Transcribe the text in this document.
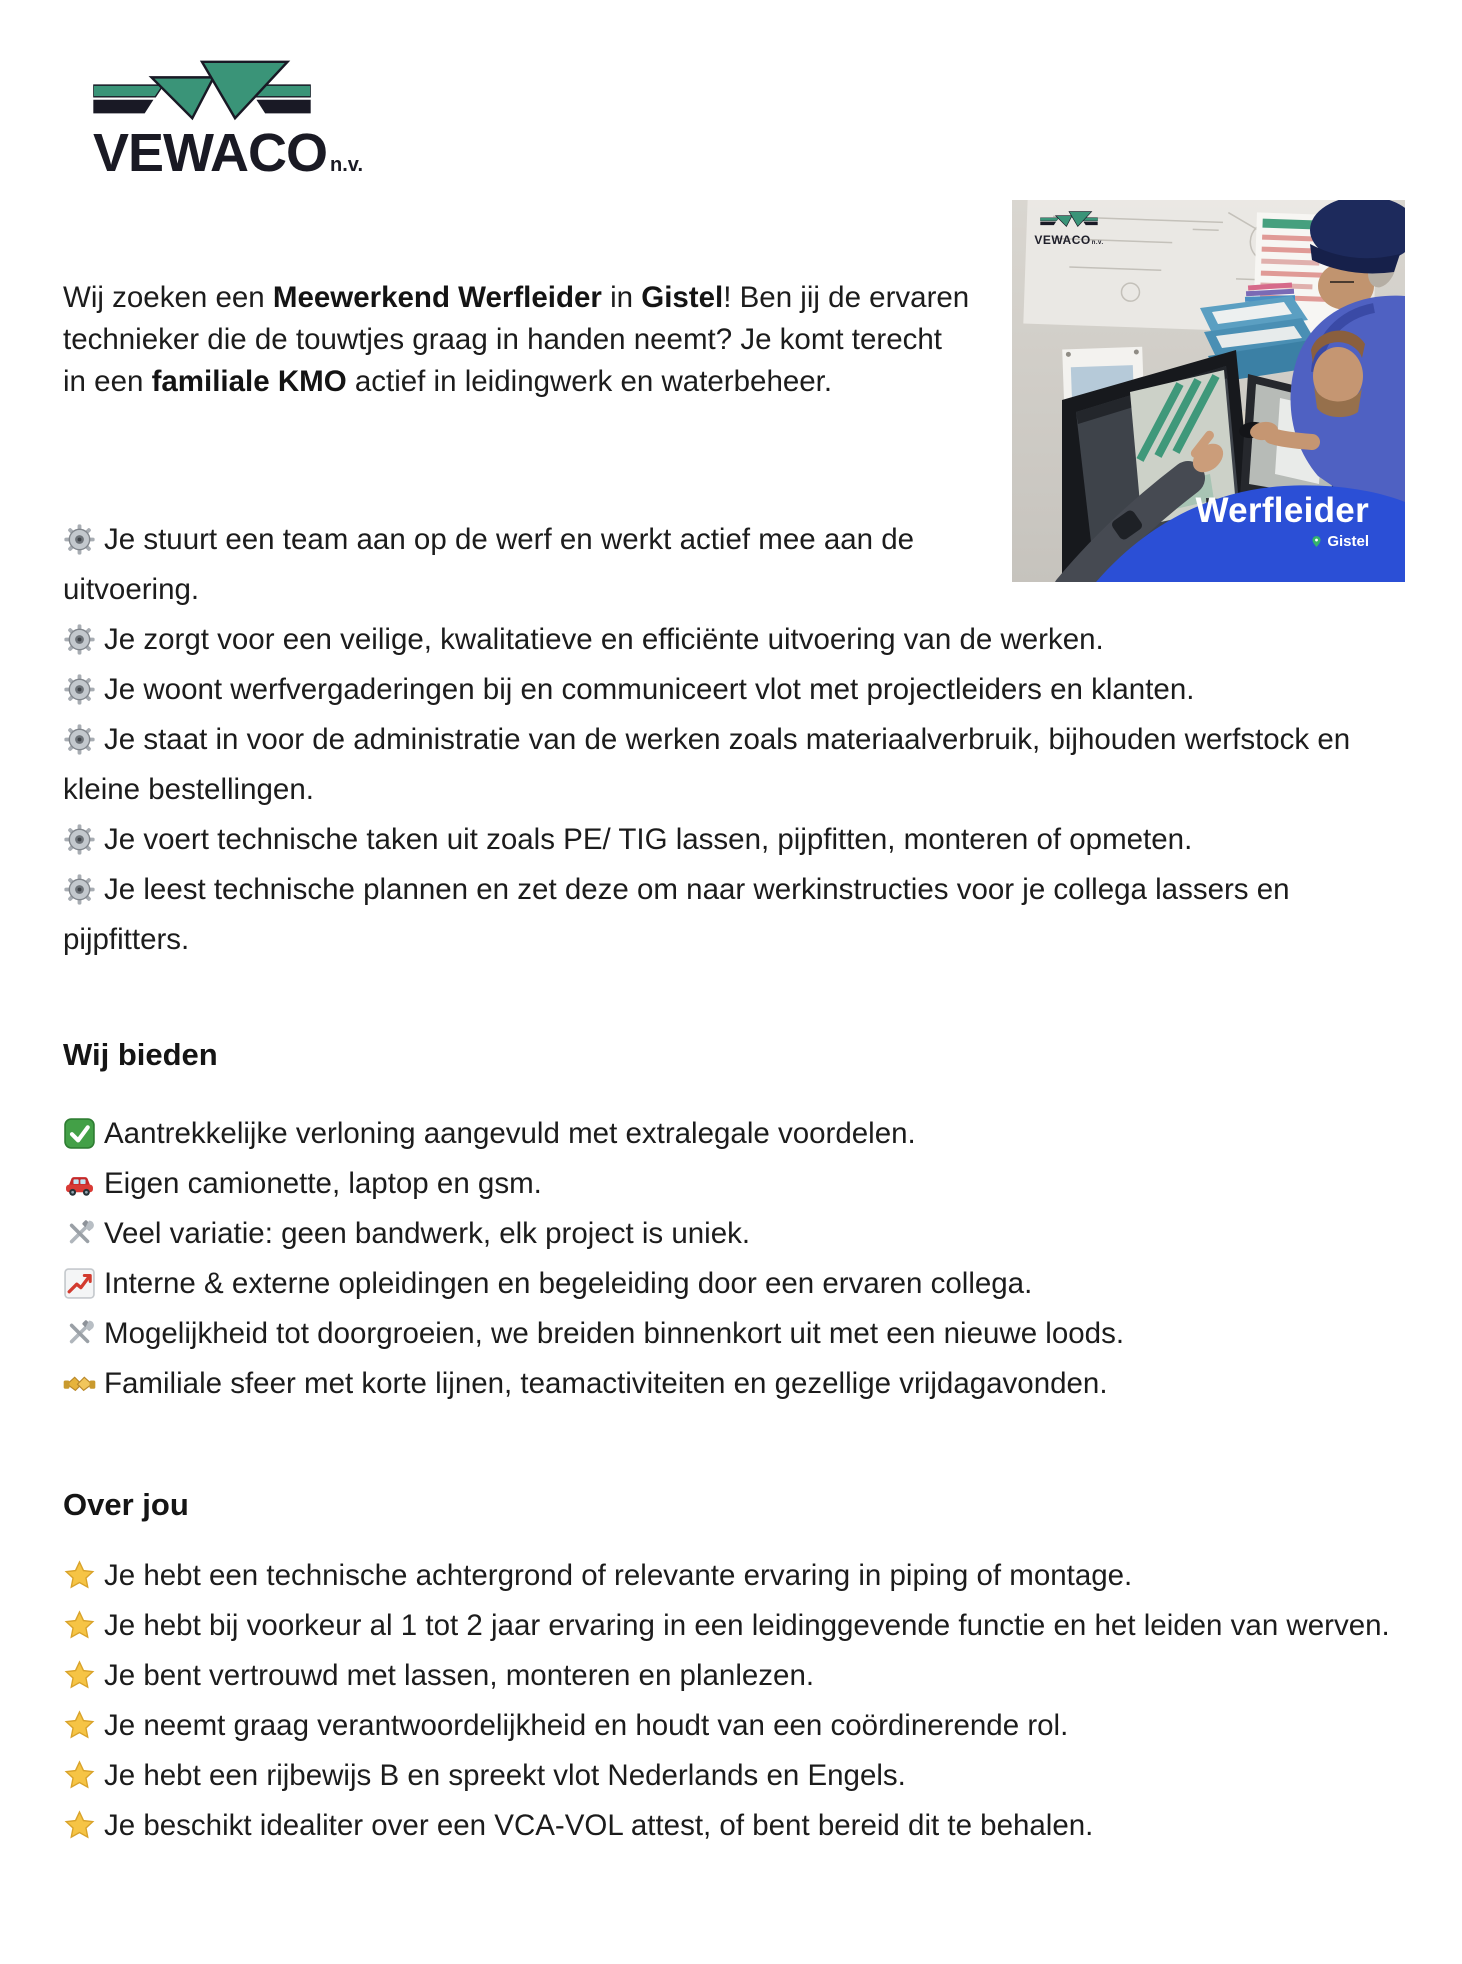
VEWACO n.v.
VEWACOn.v.
Werfleider
Gistel

Wij zoeken een Meewerkend Werfleider in Gistel! Ben jij de ervaren technieker die de touwtjes graag in handen neemt? Je komt terecht in een familiale KMO actief in leidingwerk en waterbeheer.

Je stuurt een team aan op de werf en werkt actief mee aan de uitvoering.

Je zorgt voor een veilige, kwalitatieve en efficiënte uitvoering van de werken.

Je woont werfvergaderingen bij en communiceert vlot met projectleiders en klanten.

Je staat in voor de administratie van de werken zoals materiaalverbruik, bijhouden werfstock en kleine bestellingen.

Je voert technische taken uit zoals PE/ TIG lassen, pijpfitten, monteren of opmeten.

Je leest technische plannen en zet deze om naar werkinstructies voor je collega lassers en pijpfitters.

Wij bieden

Aantrekkelijke verloning aangevuld met extralegale voordelen.

Eigen camionette, laptop en gsm.

Veel variatie: geen bandwerk, elk project is uniek.

Interne & externe opleidingen en begeleiding door een ervaren collega.

Mogelijkheid tot doorgroeien, we breiden binnenkort uit met een nieuwe loods.

Familiale sfeer met korte lijnen, teamactiviteiten en gezellige vrijdagavonden.

Over jou

Je hebt een technische achtergrond of relevante ervaring in piping of montage.

Je hebt bij voorkeur al 1 tot 2 jaar ervaring in een leidinggevende functie en het leiden van werven.

Je bent vertrouwd met lassen, monteren en planlezen.

Je neemt graag verantwoordelijkheid en houdt van een coördinerende rol.

Je hebt een rijbewijs B en spreekt vlot Nederlands en Engels.

Je beschikt idealiter over een VCA-VOL attest, of bent bereid dit te behalen.
